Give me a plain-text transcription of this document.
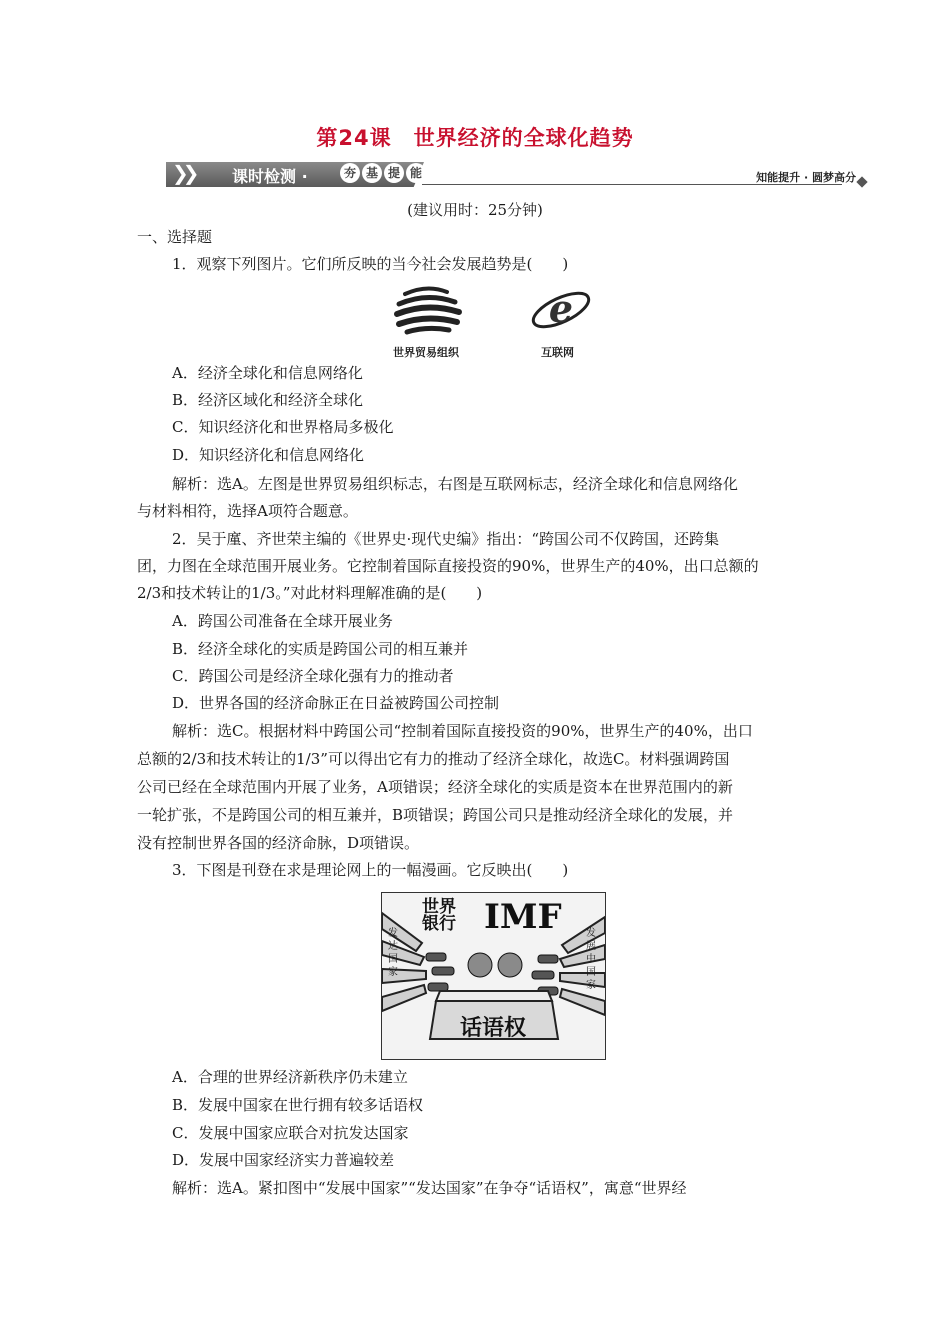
第24课　世界经济的全球化趋势
❯❯ 课时检测 ·	夯 基 提 能	知能提升 · 圆梦高分
(建议用时：25分钟)
一、选择题
1．观察下列图片。它们所反映的当今社会发展趋势是(　　)
e
世界贸易组织	互联网
A．经济全球化和信息网络化
B．经济区域化和经济全球化
C．知识经济化和世界格局多极化
D．知识经济化和信息网络化
解析：选A。左图是世界贸易组织标志，右图是互联网标志，经济全球化和信息网络化
与材料相符，选择A项符合题意。
2．吴于廑、齐世荣主编的《世界史·现代史编》指出：“跨国公司不仅跨国，还跨集
团，力图在全球范围开展业务。它控制着国际直接投资的90%，世界生产的40%，出口总额的
2/3和技术转让的1/3。”对此材料理解准确的是(　　)
A．跨国公司准备在全球开展业务
B．经济全球化的实质是跨国公司的相互兼并
C．跨国公司是经济全球化强有力的推动者
D．世界各国的经济命脉正在日益被跨国公司控制
解析：选C。根据材料中跨国公司“控制着国际直接投资的90%，世界生产的40%，出口
总额的2/3和技术转让的1/3”可以得出它有力的推动了经济全球化，故选C。材料强调跨国
公司已经在全球范围内开展了业务，A项错误；经济全球化的实质是资本在世界范围内的新
一轮扩张，不是跨国公司的相互兼并，B项错误；跨国公司只是推动经济全球化的发展，并
没有控制世界各国的经济命脉，D项错误。
3．下图是刊登在求是理论网上的一幅漫画。它反映出(　　)
世界银行 IMF
话语权
发
达
国
家
发
展
中
国
家
A．合理的世界经济新秩序仍未建立
B．发展中国家在世行拥有较多话语权
C．发展中国家应联合对抗发达国家
D．发展中国家经济实力普遍较差
解析：选A。紧扣图中“发展中国家”“发达国家”在争夺“话语权”，寓意“世界经
